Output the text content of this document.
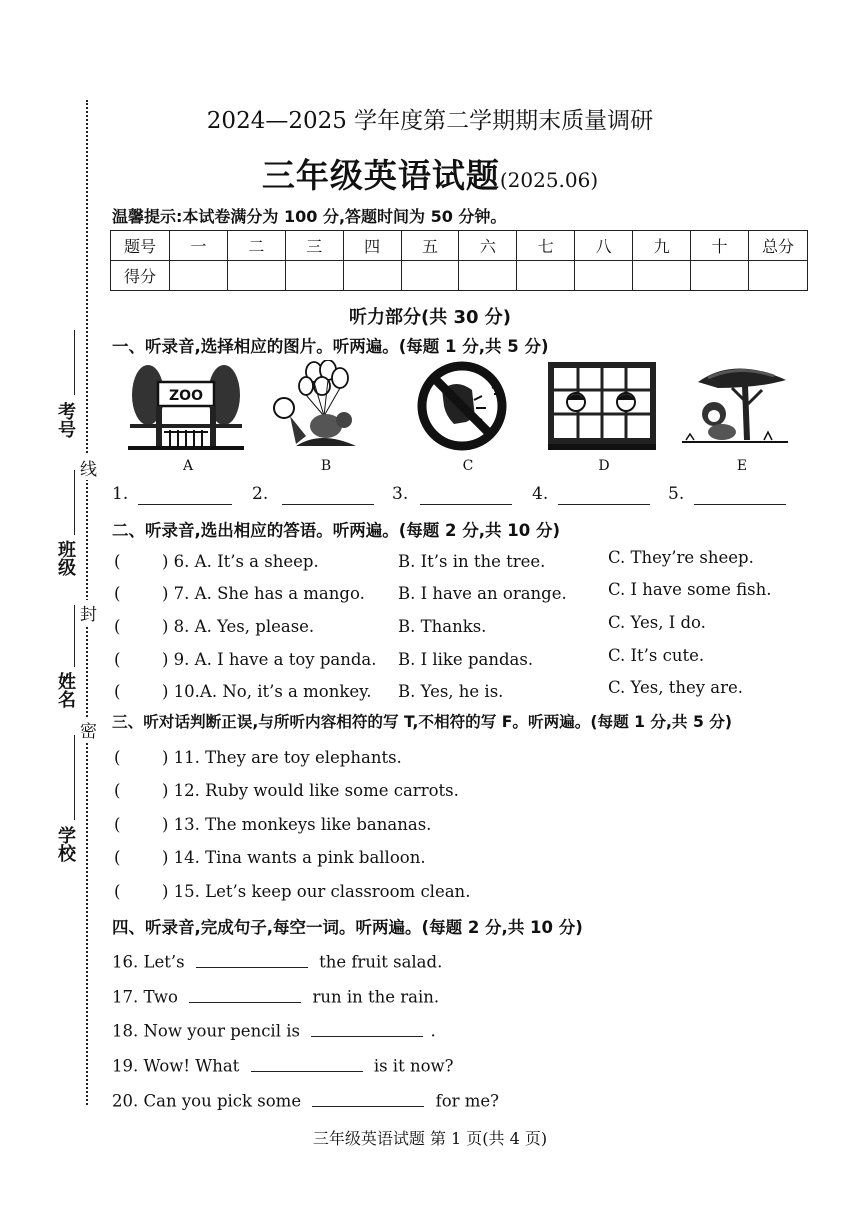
考号
班级
姓名
学校
线
封
密
2024—2025 学年度第二学期期末质量调研
三年级英语试题(2025.06)
温馨提示:本试卷满分为 100 分,答题时间为 50 分钟。
题号	一	二	三	四	五	六	七	八	九	十	总分
得分											
听力部分(共 30 分)
一、听录音,选择相应的图片。听两遍。(每题 1 分,共 5 分)
ZOO
A	B	C	D	E
1.	2.	3.	4.	5.
二、听录音,选出相应的答语。听两遍。(每题 2 分,共 10 分)
(	) 6. A. It’s a sheep.	B. It’s in the tree.	C. They’re sheep.
(	) 7. A. She has a mango. B. I have an orange.	C. I have some fish.
(	) 8. A. Yes, please.	B. Thanks.	C. Yes, I do.
(	) 9. A. I have a toy panda. B. I like pandas.	C. It’s cute.
(	) 10.A. No, it’s a monkey. B. Yes, he is.	C. Yes, they are.
三、听对话判断正误,与所听内容相符的写 T,不相符的写 F。听两遍。(每题 1 分,共 5 分)
(	) 11. They are toy elephants.
(	) 12. Ruby would like some carrots.
(	) 13. The monkeys like bananas.
(	) 14. Tina wants a pink balloon.
(	) 15. Let’s keep our classroom clean.
四、听录音,完成句子,每空一词。听两遍。(每题 2 分,共 10 分)
16. Let’s	the fruit salad.
17. Two	run in the rain.
18. Now your pencil is	.
19. Wow! What	is it now?
20. Can you pick some	for me?
三年级英语试题 第 1 页(共 4 页)
